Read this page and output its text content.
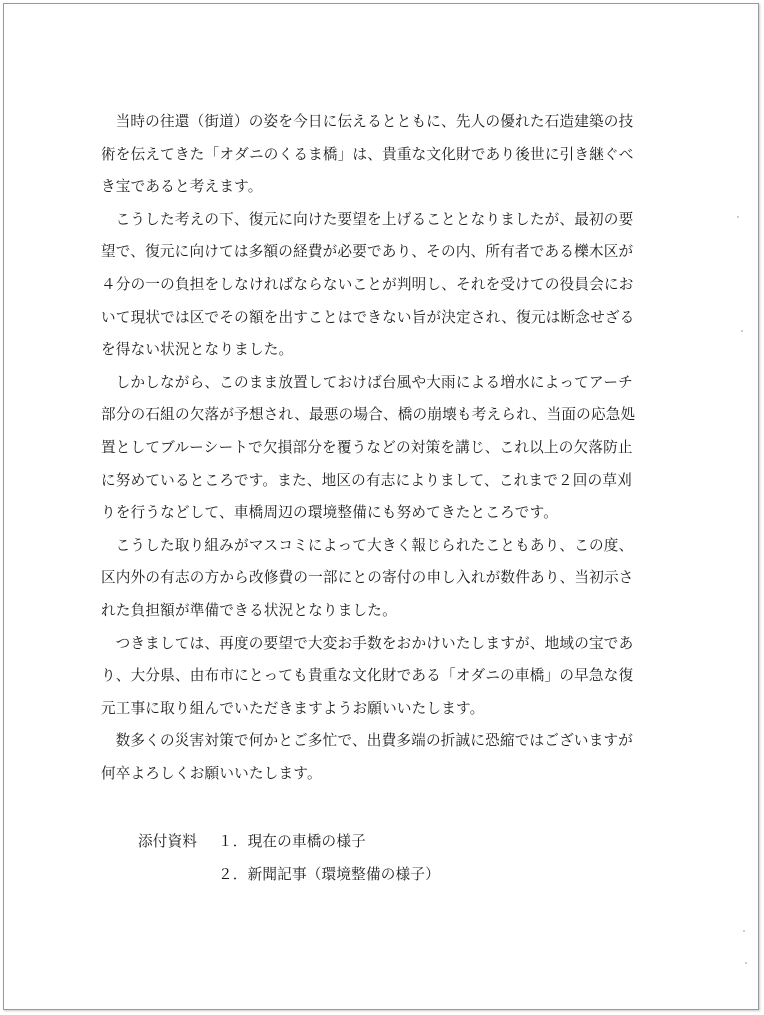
当時の往還（街道）の姿を今日に伝えるとともに、先人の優れた石造建築の技
術を伝えてきた「オダニのくるま橋」は、貴重な文化財であり後世に引き継ぐべ
き宝であると考えます。

こうした考えの下、復元に向けた要望を上げることとなりましたが、最初の要
望で、復元に向けては多額の経費が必要であり、その内、所有者である櫟木区が
４分の一の負担をしなければならないことが判明し、それを受けての役員会にお
いて現状では区でその額を出すことはできない旨が決定され、復元は断念せざる
を得ない状況となりました。

しかしながら、このまま放置しておけば台風や大雨による増水によってアーチ
部分の石組の欠落が予想され、最悪の場合、橋の崩壊も考えられ、当面の応急処
置としてブルーシートで欠損部分を覆うなどの対策を講じ、これ以上の欠落防止
に努めているところです。また、地区の有志によりまして、これまで２回の草刈
りを行うなどして、車橋周辺の環境整備にも努めてきたところです。

こうした取り組みがマスコミによって大きく報じられたこともあり、この度、
区内外の有志の方から改修費の一部にとの寄付の申し入れが数件あり、当初示さ
れた負担額が準備できる状況となりました。

つきましては、再度の要望で大変お手数をおかけいたしますが、地域の宝であ
り、大分県、由布市にとっても貴重な文化財である「オダニの車橋」の早急な復
元工事に取り組んでいただきますようお願いいたします。

数多くの災害対策で何かとご多忙で、出費多端の折誠に恐縮ではございますが
何卒よろしくお願いいたします。

添付資料	１．現在の車橋の様子
２．新聞記事（環境整備の様子）
